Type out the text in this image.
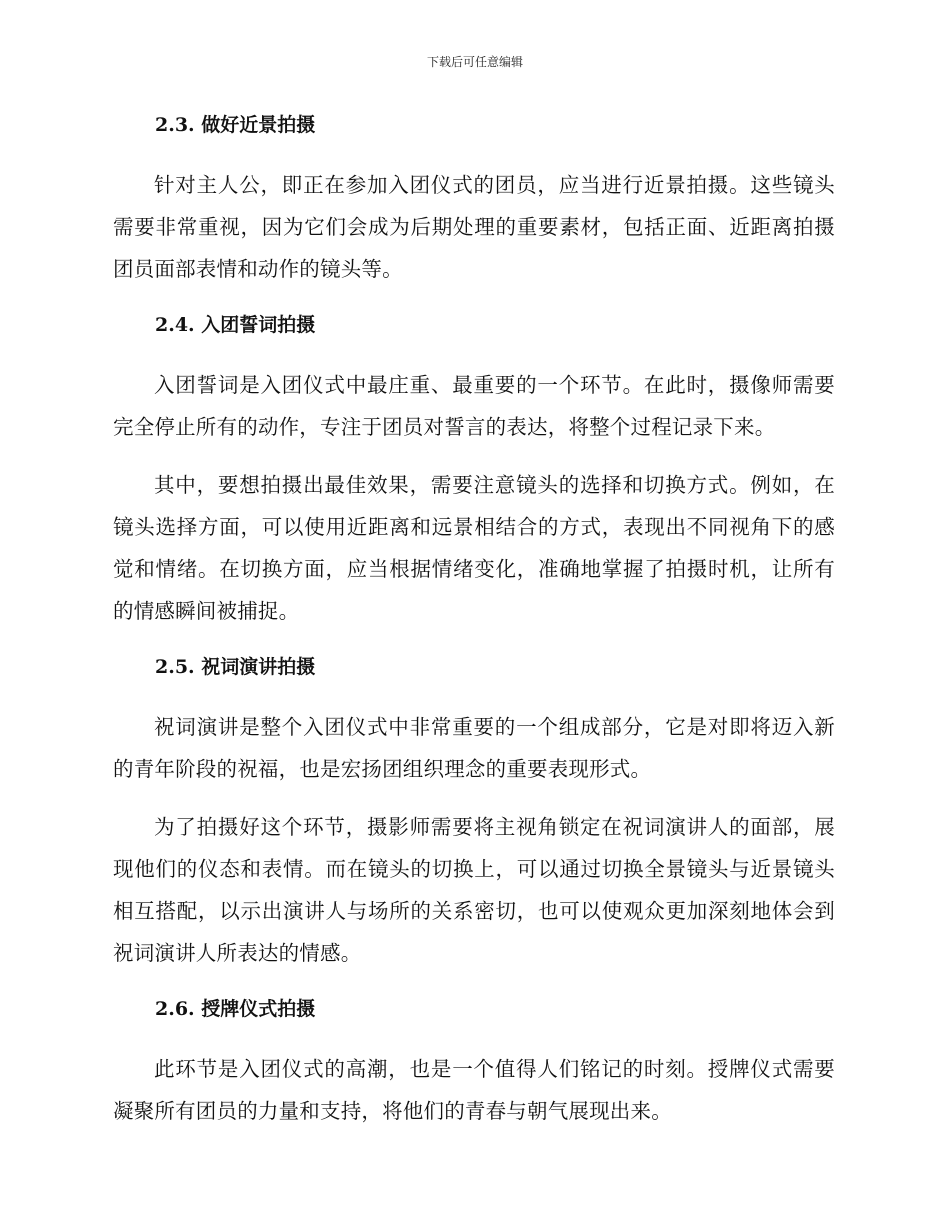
下载后可任意编辑
2.3. 做好近景拍摄

针对主人公，即正在参加入团仪式的团员，应当进行近景拍摄。这些镜头需要非常重视，因为它们会成为后期处理的重要素材，包括正面、近距离拍摄团员面部表情和动作的镜头等。

2.4. 入团誓词拍摄

入团誓词是入团仪式中最庄重、最重要的一个环节。在此时，摄像师需要完全停止所有的动作，专注于团员对誓言的表达，将整个过程记录下来。

其中，要想拍摄出最佳效果，需要注意镜头的选择和切换方式。例如，在镜头选择方面，可以使用近距离和远景相结合的方式，表现出不同视角下的感觉和情绪。在切换方面，应当根据情绪变化，准确地掌握了拍摄时机，让所有的情感瞬间被捕捉。

2.5. 祝词演讲拍摄

祝词演讲是整个入团仪式中非常重要的一个组成部分，它是对即将迈入新的青年阶段的祝福，也是宏扬团组织理念的重要表现形式。

为了拍摄好这个环节，摄影师需要将主视角锁定在祝词演讲人的面部，展现他们的仪态和表情。而在镜头的切换上，可以通过切换全景镜头与近景镜头相互搭配，以示出演讲人与场所的关系密切，也可以使观众更加深刻地体会到祝词演讲人所表达的情感。

2.6. 授牌仪式拍摄

此环节是入团仪式的高潮，也是一个值得人们铭记的时刻。授牌仪式需要凝聚所有团员的力量和支持，将他们的青春与朝气展现出来。
